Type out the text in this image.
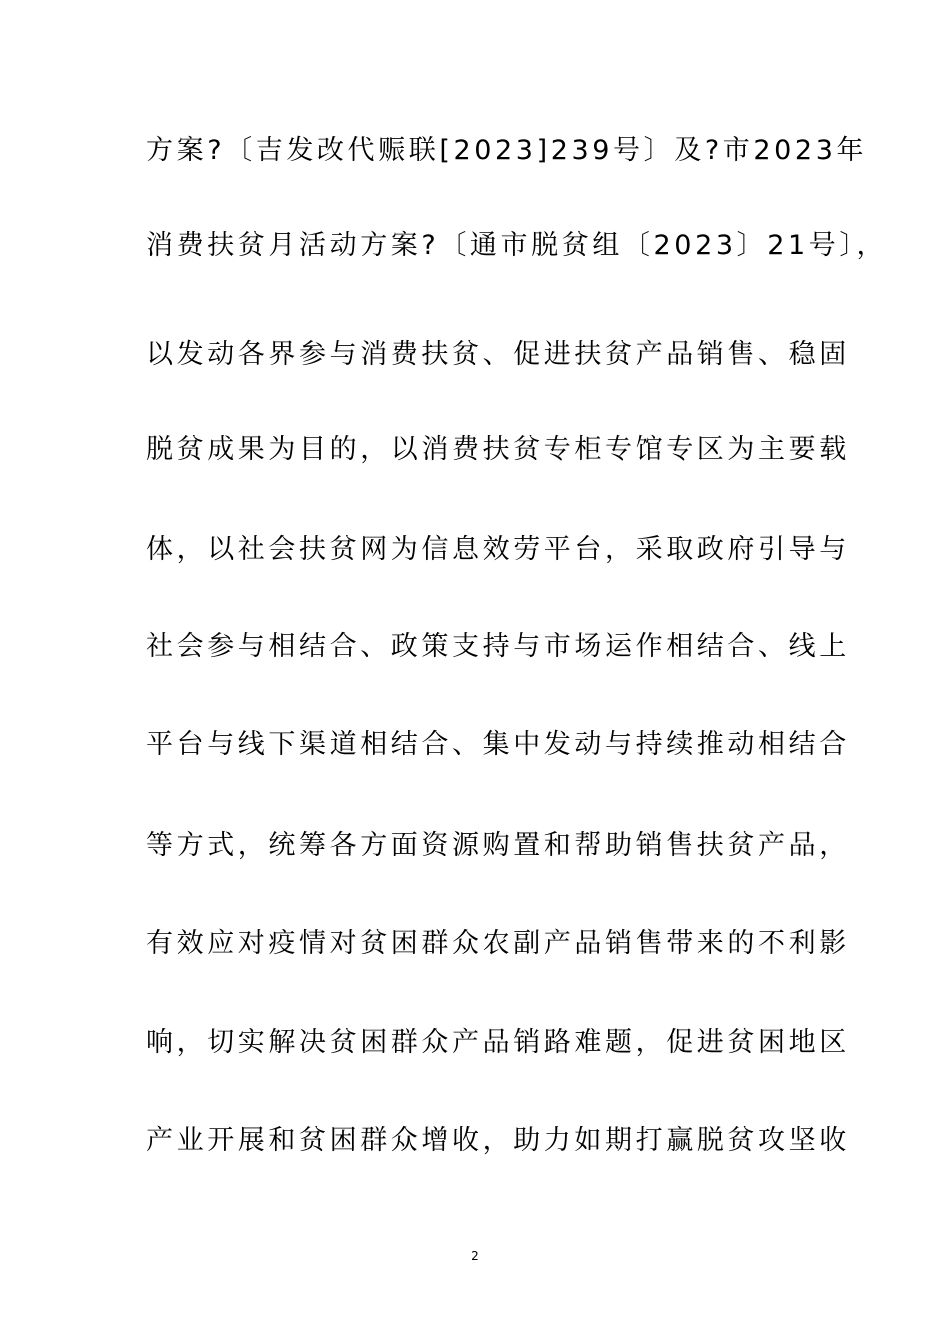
方案?〔吉发改代赈联[2023]239号〕及?市2023年
消费扶贫月活动方案?〔通市脱贫组〔2023〕21号〕，
以发动各界参与消费扶贫、促进扶贫产品销售、稳固
脱贫成果为目的，以消费扶贫专柜专馆专区为主要载
体，以社会扶贫网为信息效劳平台，采取政府引导与
社会参与相结合、政策支持与市场运作相结合、线上
平台与线下渠道相结合、集中发动与持续推动相结合
等方式，统筹各方面资源购置和帮助销售扶贫产品，
有效应对疫情对贫困群众农副产品销售带来的不利影
响，切实解决贫困群众产品销路难题，促进贫困地区
产业开展和贫困群众增收，助力如期打赢脱贫攻坚收
2
